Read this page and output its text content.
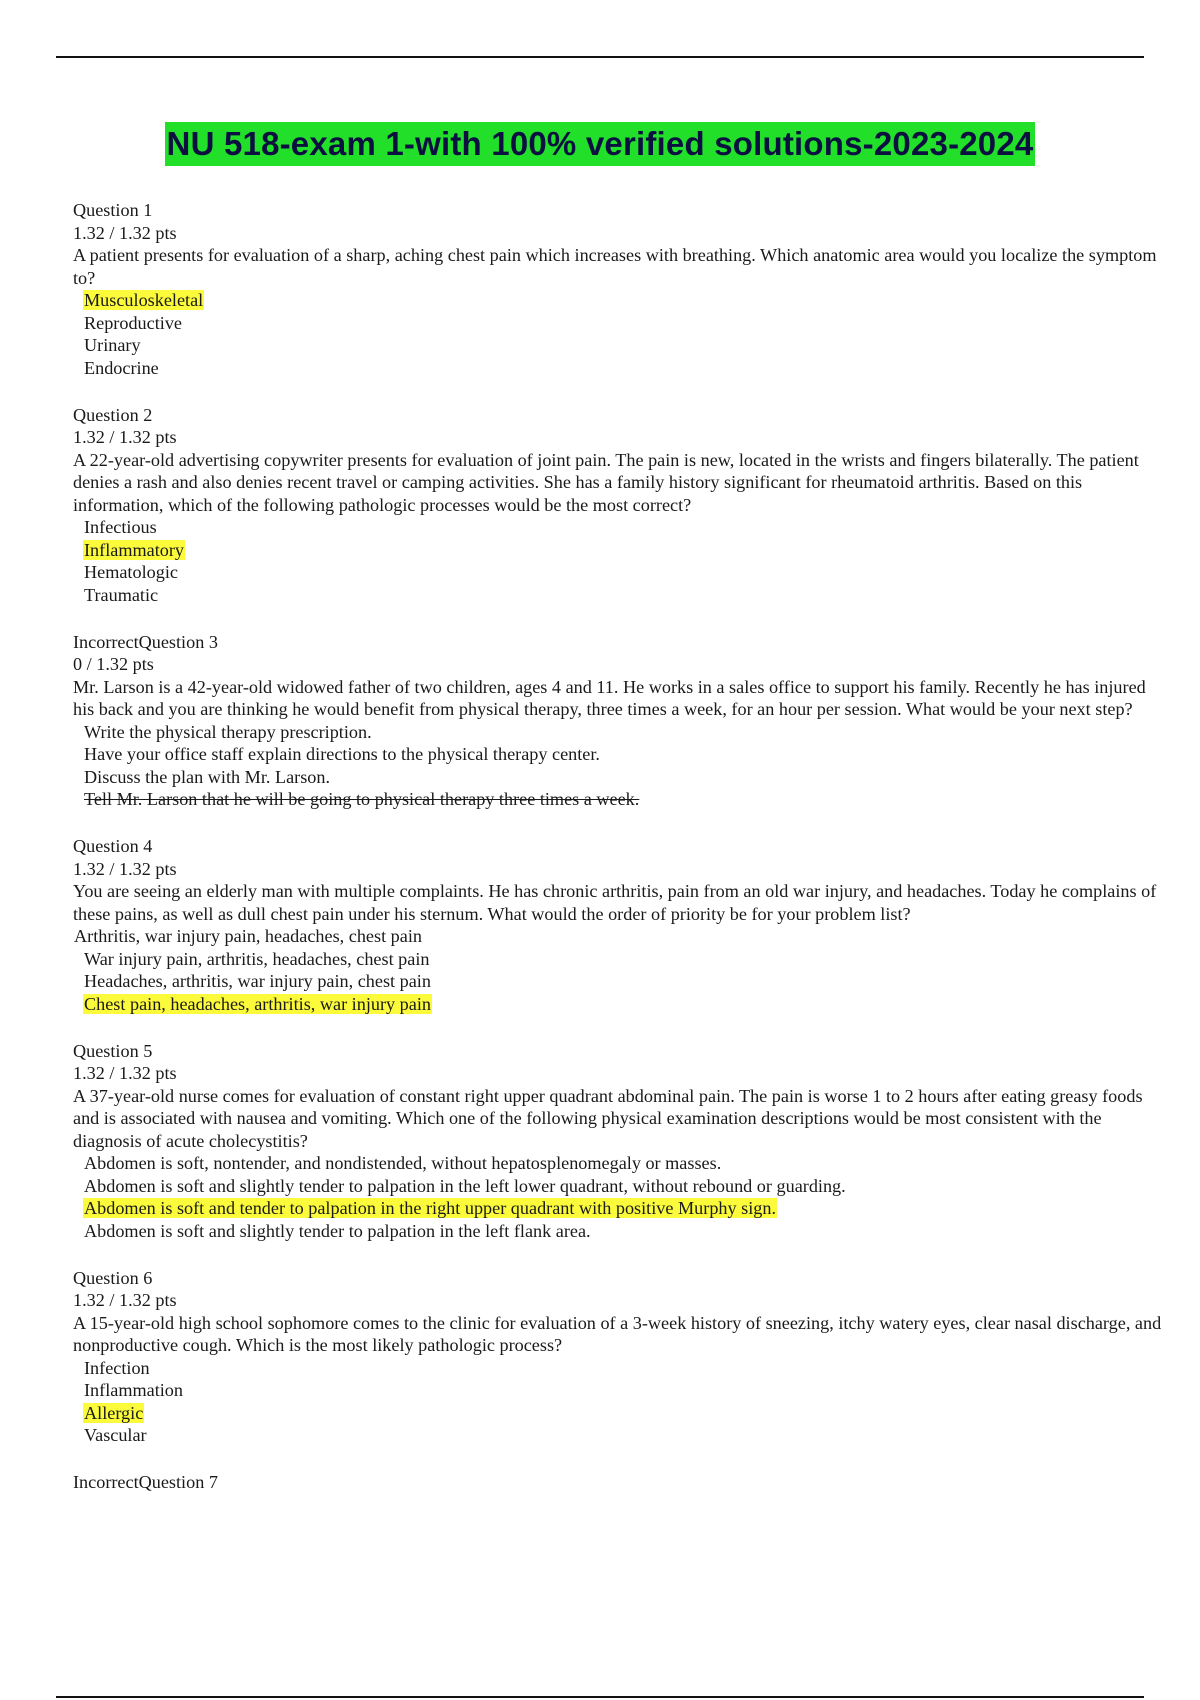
NU 518-exam 1-with 100% verified solutions-2023-2024
Question 1
1.32 / 1.32 pts
A patient presents for evaluation of a sharp, aching chest pain which increases with breathing. Which anatomic area would you localize the symptom to?
Musculoskeletal
Reproductive
Urinary
Endocrine
Question 2
1.32 / 1.32 pts
A 22-year-old advertising copywriter presents for evaluation of joint pain. The pain is new, located in the wrists and fingers bilaterally. The patient denies a rash and also denies recent travel or camping activities. She has a family history significant for rheumatoid arthritis. Based on this information, which of the following pathologic processes would be the most correct?
Infectious
Inflammatory
Hematologic
Traumatic
IncorrectQuestion 3
0 / 1.32 pts
Mr. Larson is a 42-year-old widowed father of two children, ages 4 and 11. He works in a sales office to support his family. Recently he has injured his back and you are thinking he would benefit from physical therapy, three times a week, for an hour per session. What would be your next step?
Write the physical therapy prescription.
Have your office staff explain directions to the physical therapy center.
Discuss the plan with Mr. Larson.
Tell Mr. Larson that he will be going to physical therapy three times a week.
Question 4
1.32 / 1.32 pts
You are seeing an elderly man with multiple complaints. He has chronic arthritis, pain from an old war injury, and headaches. Today he complains of these pains, as well as dull chest pain under his sternum. What would the order of priority be for your problem list?
Arthritis, war injury pain, headaches, chest pain
War injury pain, arthritis, headaches, chest pain
Headaches, arthritis, war injury pain, chest pain
Chest pain, headaches, arthritis, war injury pain
Question 5
1.32 / 1.32 pts
A 37-year-old nurse comes for evaluation of constant right upper quadrant abdominal pain. The pain is worse 1 to 2 hours after eating greasy foods and is associated with nausea and vomiting. Which one of the following physical examination descriptions would be most consistent with the diagnosis of acute cholecystitis?
Abdomen is soft, nontender, and nondistended, without hepatosplenomegaly or masses.
Abdomen is soft and slightly tender to palpation in the left lower quadrant, without rebound or guarding.
Abdomen is soft and tender to palpation in the right upper quadrant with positive Murphy sign.
Abdomen is soft and slightly tender to palpation in the left flank area.
Question 6
1.32 / 1.32 pts
A 15-year-old high school sophomore comes to the clinic for evaluation of a 3-week history of sneezing, itchy watery eyes, clear nasal discharge, and nonproductive cough. Which is the most likely pathologic process?
Infection
Inflammation
Allergic
Vascular
IncorrectQuestion 7
